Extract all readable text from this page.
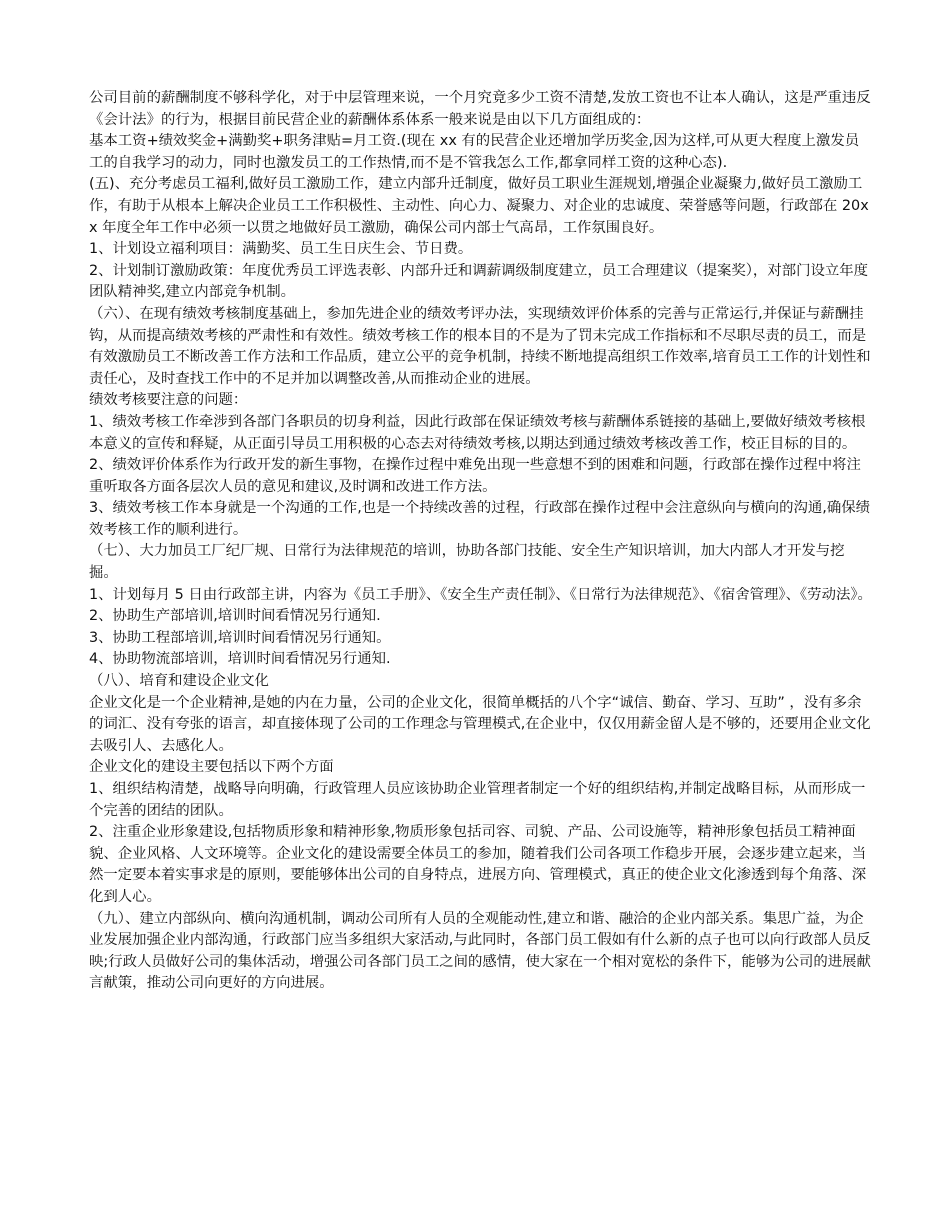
公司目前的薪酬制度不够科学化，对于中层管理来说，一个月究竟多少工资不清楚,发放工资也不让本人确认，这是严重违反《会计法》的行为，根据目前民营企业的薪酬体系体系一般来说是由以下几方面组成的：

基本工资+绩效奖金+满勤奖+职务津贴=月工资.(现在 xx 有的民营企业还增加学历奖金,因为这样,可从更大程度上激发员工的自我学习的动力，同时也激发员工的工作热情,而不是不管我怎么工作,都拿同样工资的这种心态).

(五)、充分考虑员工福利,做好员工激励工作，建立内部升迁制度，做好员工职业生涯规划,增强企业凝聚力,做好员工激励工作，有助于从根本上解决企业员工工作积极性、主动性、向心力、凝聚力、对企业的忠诚度、荣誉感等问题，行政部在 20xx 年度全年工作中必须一以贯之地做好员工激励，确保公司内部士气高昂，工作氛围良好。

1、计划设立福利项目：满勤奖、员工生日庆生会、节日费。

2、计划制订激励政策：年度优秀员工评选表彰、内部升迁和调薪调级制度建立，员工合理建议（提案奖），对部门设立年度团队精神奖,建立内部竞争机制。

（六）、在现有绩效考核制度基础上，参加先进企业的绩效考评办法，实现绩效评价体系的完善与正常运行,并保证与薪酬挂钩，从而提高绩效考核的严肃性和有效性。绩效考核工作的根本目的不是为了罚未完成工作指标和不尽职尽责的员工，而是有效激励员工不断改善工作方法和工作品质，建立公平的竞争机制，持续不断地提高组织工作效率,培育员工工作的计划性和责任心，及时查找工作中的不足并加以调整改善,从而推动企业的进展。

绩效考核要注意的问题：

1、绩效考核工作牵涉到各部门各职员的切身利益，因此行政部在保证绩效考核与薪酬体系链接的基础上,要做好绩效考核根本意义的宣传和释疑，从正面引导员工用积极的心态去对待绩效考核,以期达到通过绩效考核改善工作，校正目标的目的。

2、绩效评价体系作为行政开发的新生事物，在操作过程中难免出现一些意想不到的困难和问题，行政部在操作过程中将注重听取各方面各层次人员的意见和建议,及时调和改进工作方法。

3、绩效考核工作本身就是一个沟通的工作,也是一个持续改善的过程，行政部在操作过程中会注意纵向与横向的沟通,确保绩效考核工作的顺利进行。

（七）、大力加员工厂纪厂规、日常行为法律规范的培训，协助各部门技能、安全生产知识培训，加大内部人才开发与挖掘。

1、计划每月 5 日由行政部主讲，内容为《员工手册》、《安全生产责任制》、《日常行为法律规范》、《宿舍管理》、《劳动法》。

2、协助生产部培训,培训时间看情况另行通知.

3、协助工程部培训,培训时间看情况另行通知。

4、协助物流部培训，培训时间看情况另行通知.

（八）、培育和建设企业文化

企业文化是一个企业精神,是她的内在力量，公司的企业文化，很简单概括的八个字“诚信、勤奋、学习、互助” ，没有多余的词汇、没有夸张的语言，却直接体现了公司的工作理念与管理模式,在企业中，仅仅用薪金留人是不够的，还要用企业文化去吸引人、去感化人。

企业文化的建设主要包括以下两个方面

1、组织结构清楚，战略导向明确，行政管理人员应该协助企业管理者制定一个好的组织结构,并制定战略目标，从而形成一个完善的团结的团队。

2、注重企业形象建设,包括物质形象和精神形象,物质形象包括司容、司貌、产品、公司设施等，精神形象包括员工精神面貌、企业风格、人文环境等。企业文化的建设需要全体员工的参加，随着我们公司各项工作稳步开展，会逐步建立起来，当然一定要本着实事求是的原则，要能够体出公司的自身特点，进展方向、管理模式，真正的使企业文化渗透到每个角落、深化到人心。

（九）、建立内部纵向、横向沟通机制，调动公司所有人员的全观能动性,建立和谐、融洽的企业内部关系。集思广益，为企业发展加强企业内部沟通，行政部门应当多组织大家活动,与此同时，各部门员工假如有什么新的点子也可以向行政部人员反映;行政人员做好公司的集体活动，增强公司各部门员工之间的感情，使大家在一个相对宽松的条件下，能够为公司的进展献言献策，推动公司向更好的方向进展。
